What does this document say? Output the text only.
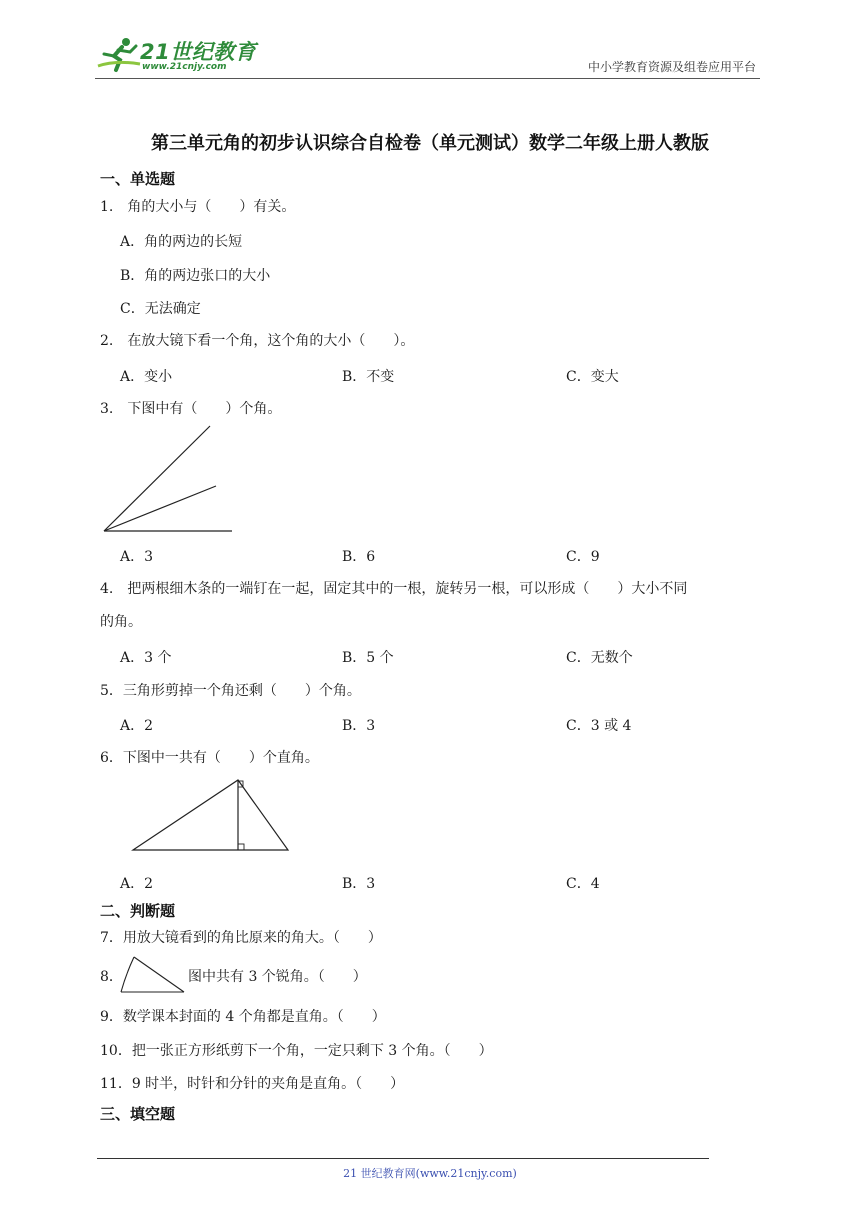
21世纪教育
www.21cnjy.com	中小学教育资源及组卷应用平台
第三单元角的初步认识综合自检卷（单元测试）数学二年级上册人教版
一、单选题
1.　角的大小与（　　）有关。
A．角的两边的长短
B．角的两边张口的大小
C．无法确定
2.　在放大镜下看一个角，这个角的大小（　　）。
A．变小	B．不变	C．变大
3.　下图中有（　　）个角。
A．3	B．6	C．9
4.　把两根细木条的一端钉在一起，固定其中的一根，旋转另一根，可以形成（　　）大小不同
的角。
A．3 个	B．5 个	C．无数个
5．三角形剪掉一个角还剩（　　）个角。
A．2	B．3	C．3 或 4
6．下图中一共有（　　）个直角。
A．2	B．3	C．4
二、判断题
7．用放大镜看到的角比原来的角大。（　　）
8．	图中共有 3 个锐角。（　　）
9．数学课本封面的 4 个角都是直角。（　　）
10．把一张正方形纸剪下一个角，一定只剩下 3 个角。（　　）
11．9 时半，时针和分针的夹角是直角。（　　）
三、填空题
21 世纪教育网(www.21cnjy.com)
